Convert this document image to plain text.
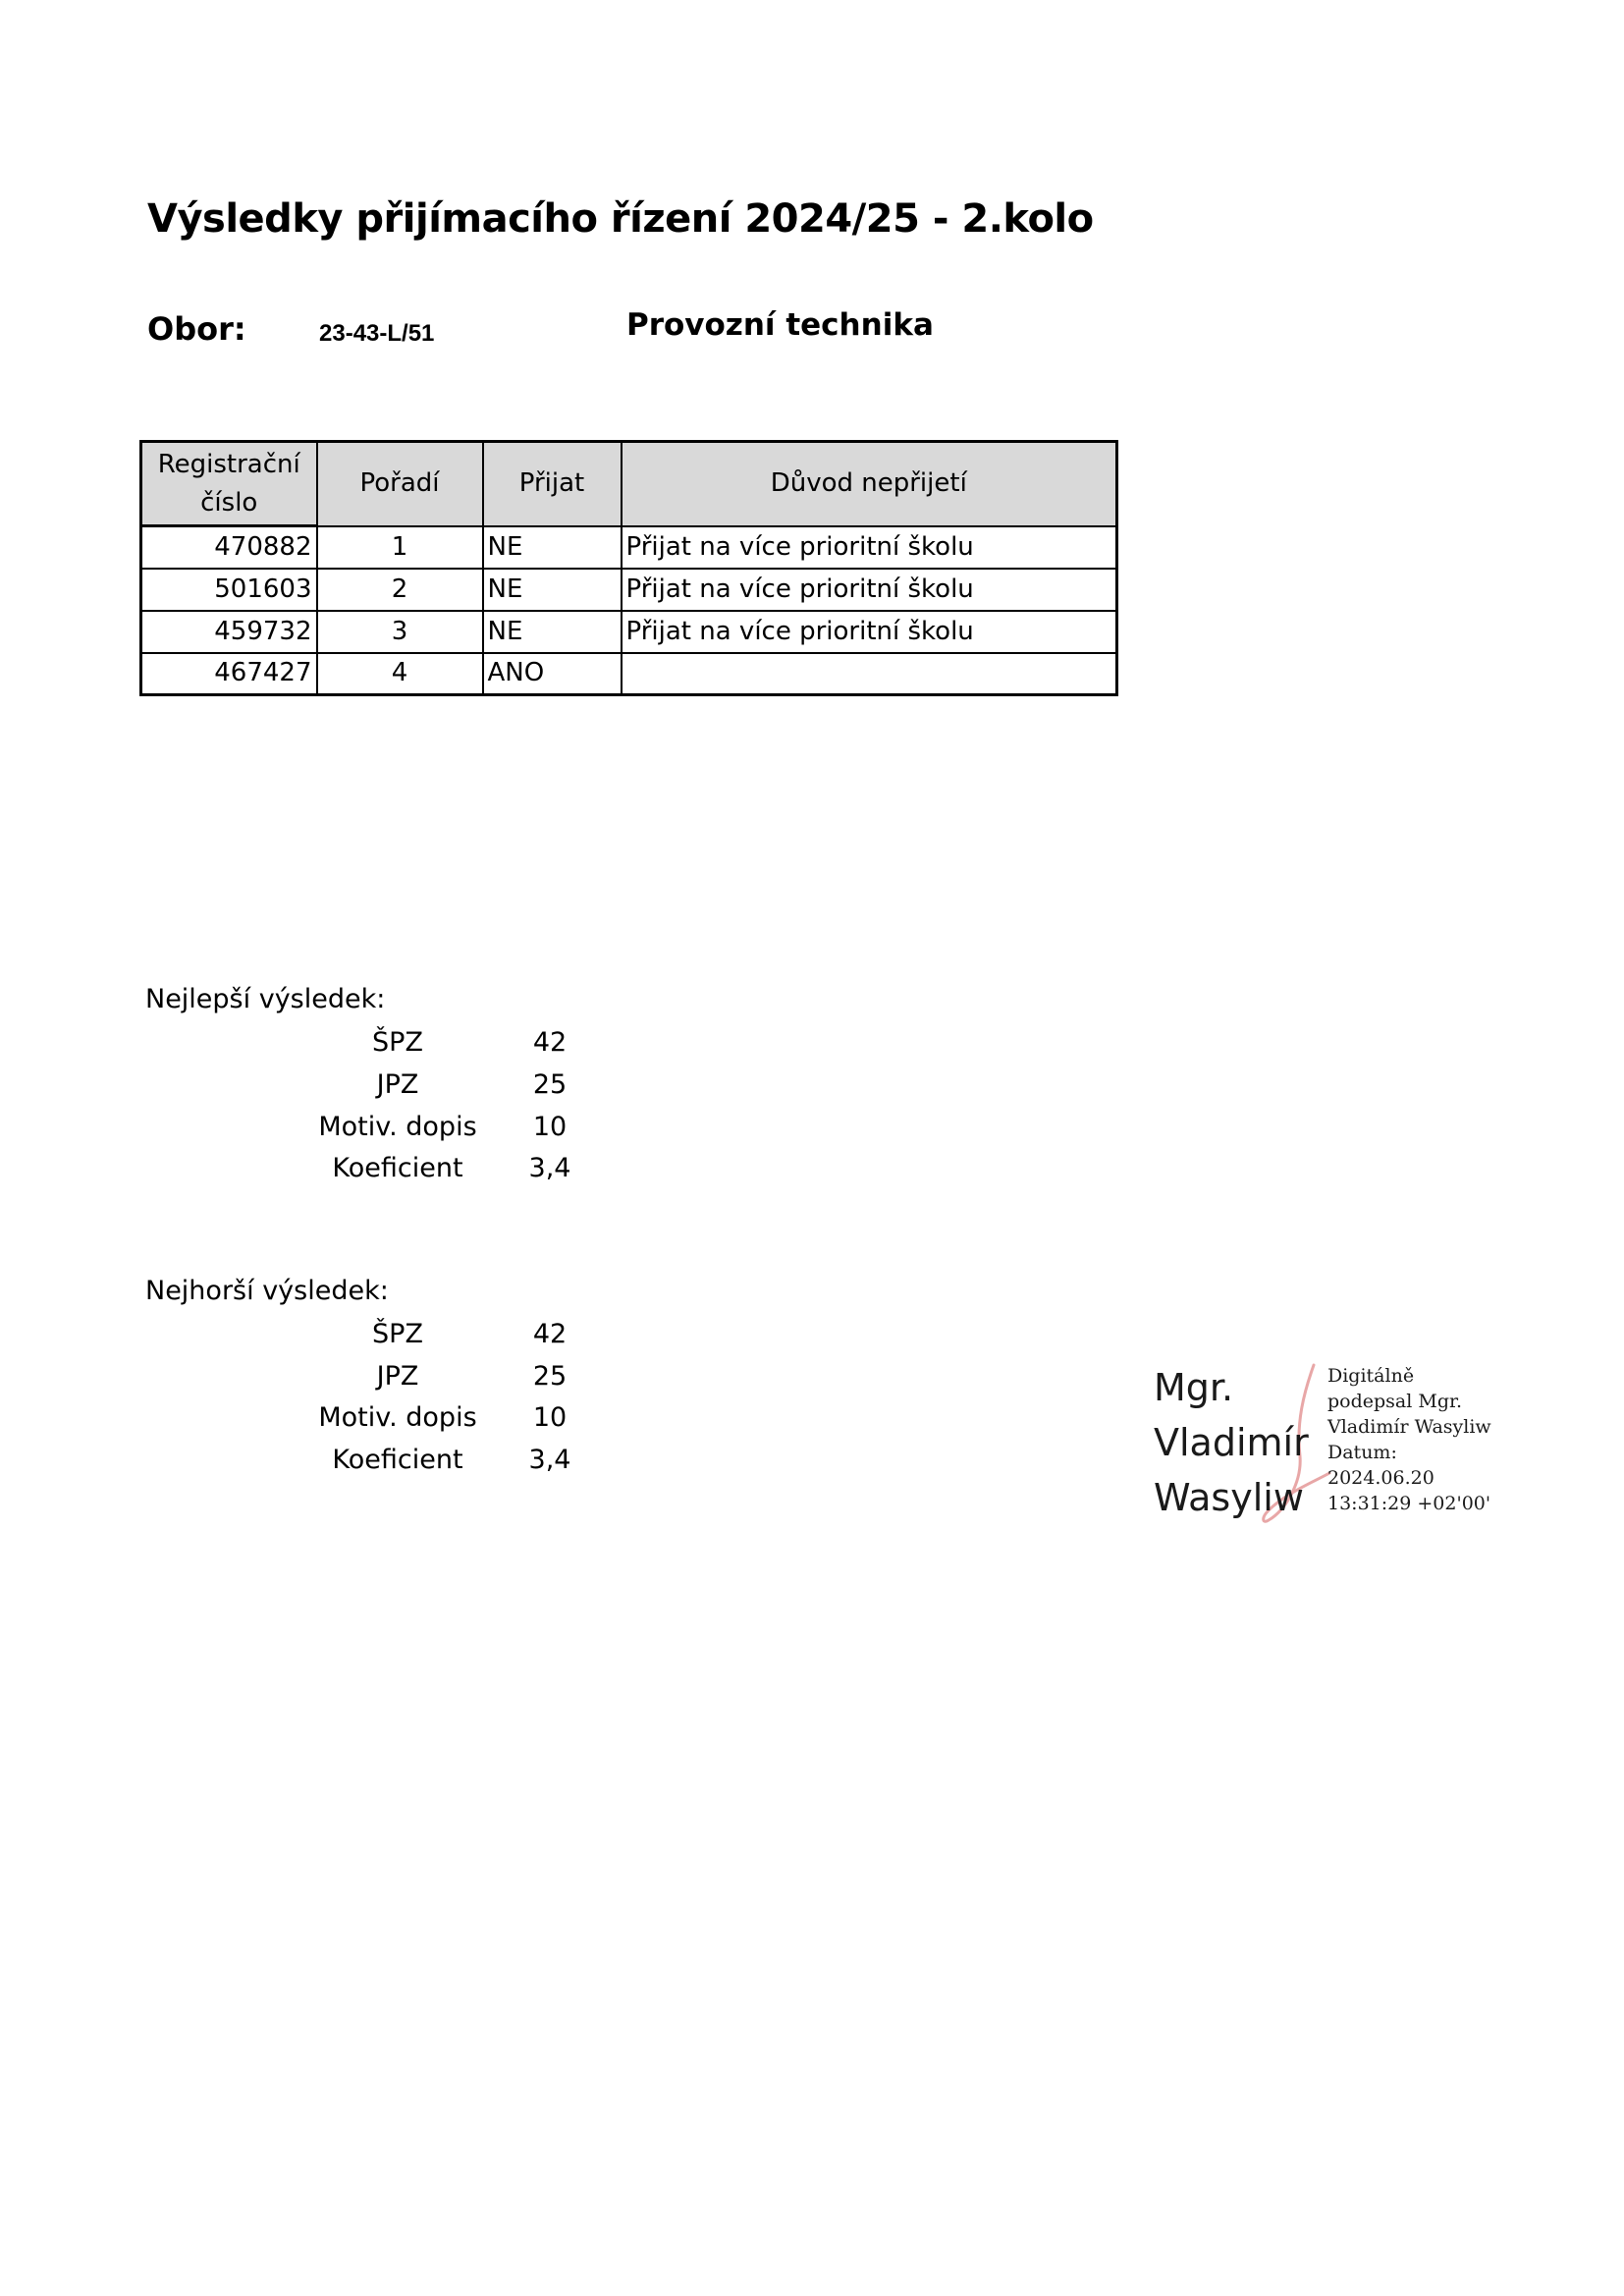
Výsledky přijímacího řízení 2024/25 - 2.kolo
Obor:	23-43-L/51	Provozní technika
Registrační číslo	Pořadí	Přijat	Důvod nepřijetí
470882	1	NE	Přijat na více prioritní školu
501603	2	NE	Přijat na více prioritní školu
459732	3	NE	Přijat na více prioritní školu
467427	4	ANO	
Nejlepší výsledek:
ŠPZ	42
JPZ	25
Motiv. dopis	10
Koeficient	3,4
Nejhorší výsledek:
ŠPZ	42
JPZ	25
Motiv. dopis	10
Koeficient	3,4
Mgr.
Vladimír
Wasyliw
Digitálně
podepsal Mgr.
Vladimír Wasyliw
Datum:
2024.06.20
13:31:29 +02'00'
